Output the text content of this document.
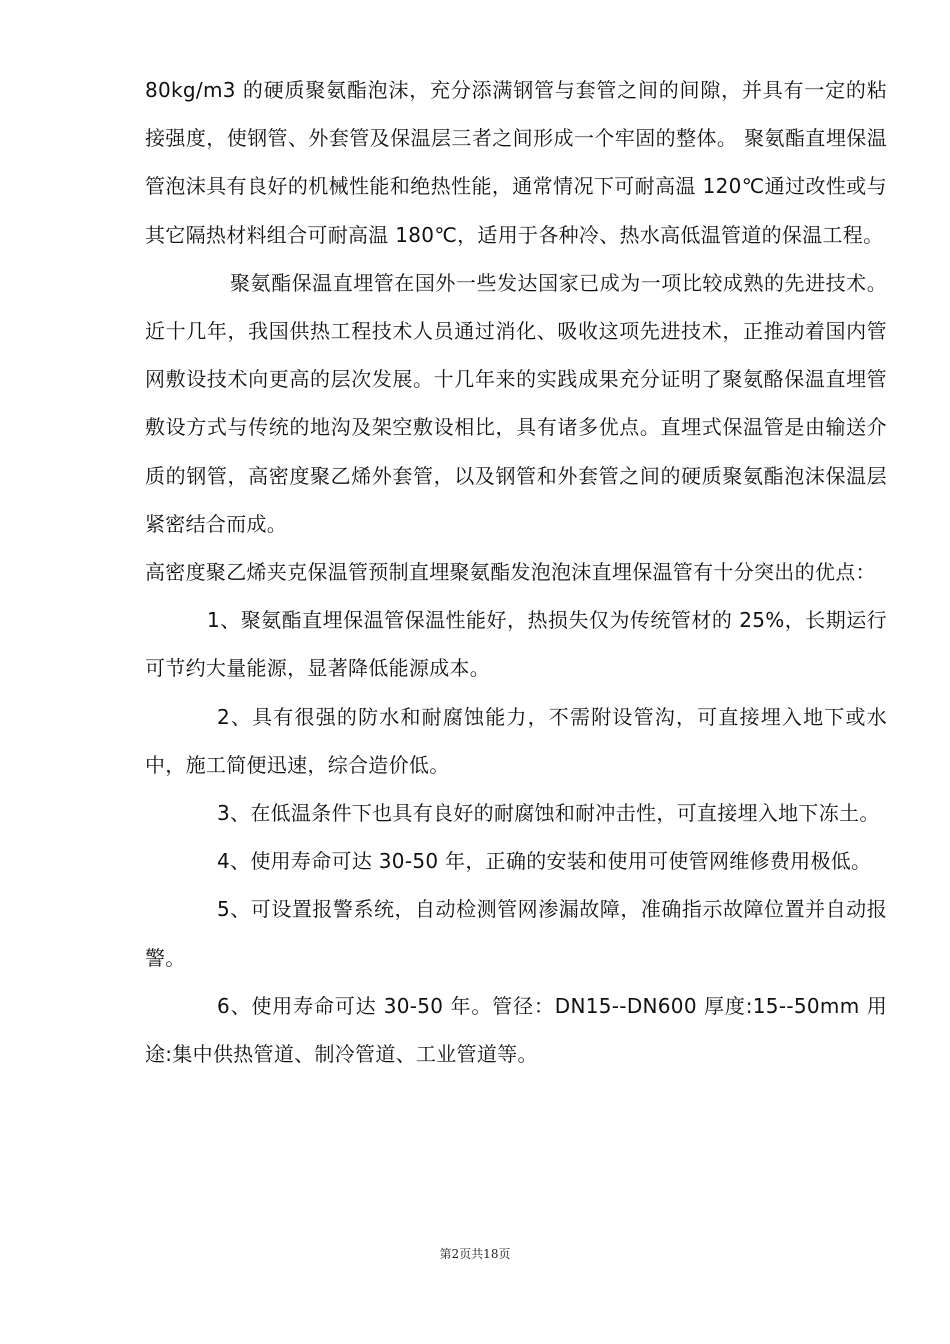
80kg/m3 的硬质聚氨酯泡沫，充分添满钢管与套管之间的间隙，并具有一定的粘接强度，使钢管、外套管及保温层三者之间形成一个牢固的整体。 聚氨酯直埋保温管泡沫具有良好的机械性能和绝热性能，通常情况下可耐高温 120℃通过改性或与其它隔热材料组合可耐高温 180℃，适用于各种冷、热水高低温管道的保温工程。

聚氨酯保温直埋管在国外一些发达国家已成为一项比较成熟的先进技术。近十几年，我国供热工程技术人员通过消化、吸收这项先进技术，正推动着国内管网敷设技术向更高的层次发展。十几年来的实践成果充分证明了聚氨酪保温直埋管敷设方式与传统的地沟及架空敷设相比，具有诸多优点。直埋式保温管是由输送介质的钢管，高密度聚乙烯外套管，以及钢管和外套管之间的硬质聚氨酯泡沫保温层紧密结合而成。

高密度聚乙烯夹克保温管预制直埋聚氨酯发泡泡沫直埋保温管有十分突出的优点：

1、聚氨酯直埋保温管保温性能好，热损失仅为传统管材的 25%，长期运行可节约大量能源，显著降低能源成本。

2、具有很强的防水和耐腐蚀能力，不需附设管沟，可直接埋入地下或水中，施工简便迅速，综合造价低。

3、在低温条件下也具有良好的耐腐蚀和耐冲击性，可直接埋入地下冻土。

4、使用寿命可达 30-50 年，正确的安装和使用可使管网维修费用极低。

5、可设置报警系统，自动检测管网渗漏故障，准确指示故障位置并自动报警。

6、使用寿命可达 30-50 年。管径：DN15--DN600 厚度:15--50mm 用途:集中供热管道、制冷管道、工业管道等。

第2页共18页
